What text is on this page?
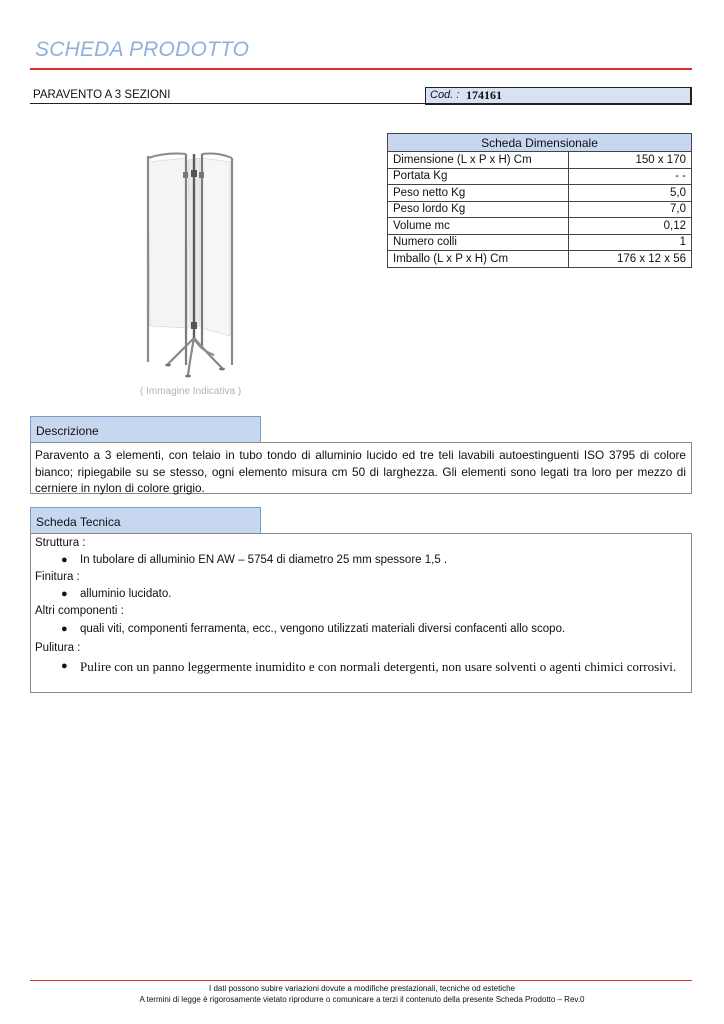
SCHEDA PRODOTTO
PARAVENTO A 3 SEZIONI	Cod. : 174161
( Immagine Indicativa )
Scheda Dimensionale	
Dimensione (L x P x H) Cm	150 x 170
Portata Kg	- -
Peso netto Kg	5,0
Peso lordo Kg	7,0
Volume mc	0,12
Numero colli	1
Imballo (L x P x H) Cm	176 x 12 x 56
Descrizione
Paravento a 3 elementi, con telaio in tubo tondo di alluminio lucido ed tre teli lavabili autoestinguenti ISO 3795 di colore bianco; ripiegabile su se stesso, ogni elemento misura cm 50 di larghezza. Gli elementi sono legati tra loro per mezzo di cerniere in nylon di colore grigio.
Scheda Tecnica
Struttura :
● In tubolare di alluminio EN AW – 5754 di diametro 25 mm spessore 1,5 .
Finitura :
● alluminio lucidato.
Altri componenti :
● quali viti, componenti ferramenta, ecc., vengono utilizzati materiali diversi confacenti allo scopo.
Pulitura :
● Pulire con un panno leggermente inumidito e con normali detergenti, non usare solventi o agenti chimici corrosivi.
I dati possono subire variazioni dovute a modifiche prestazionali, tecniche od estetiche
A termini di legge è rigorosamente vietato riprodurre o comunicare a terzi il contenuto della presente Scheda Prodotto – Rev.0
